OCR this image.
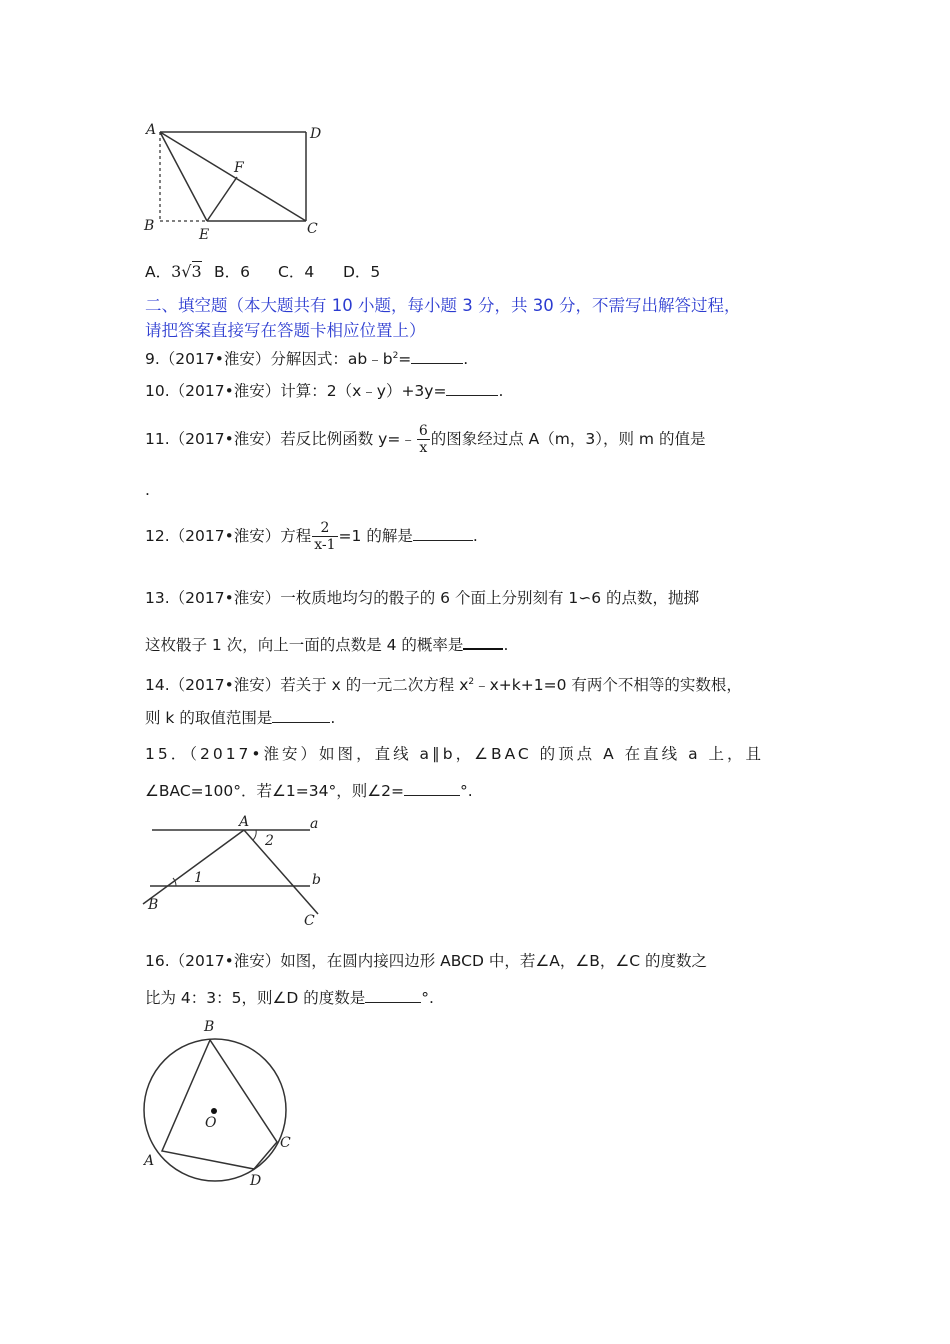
A	D
F
B
E	C
A．3√3 B．6 C．4 D．5
二、填空题（本大题共有 10 小题，每小题 3 分，共 30 分，不需写出解答过程，
请把答案直接写在答题卡相应位置上）
9.（2017•淮安）分解因式：$ab﹣b^2=$	.
10.（2017•淮安）计算：2（x﹣y）+3y=	.
11.（2017•淮安）若反比例函数 y=﹣ $\frac{6}{x}$ 的图象经过点 A（m，3），则 m 的值是
.
12.（2017•淮安）方程 $\frac{2}{x-1} =1$ 的解是	.
13.（2017•淮安）一枚质地均匀的骰子的 6 个面上分别刻有 1∽6 的点数，抛掷
这枚骰子 1 次，向上一面的点数是 4 的概率是	.
14.（2017•淮安）若关于 x 的一元二次方程 $x^2﹣x+k+1=0$ 有两个不相等的实数根，
则 k 的取值范围是	.
15．（2017•淮安）如图，直线 a∥b，∠BAC 的顶点 A 在直线 a 上，且
∠BAC=100°．若∠1=34°，则∠2=	°.
A	a
2
1	b
B
C
16.（2017•淮安）如图，在圆内接四边形 ABCD 中，若∠A，∠B，∠C 的度数之
比为 4：3：5，则∠D 的度数是	°.
B
O
C
A
D
